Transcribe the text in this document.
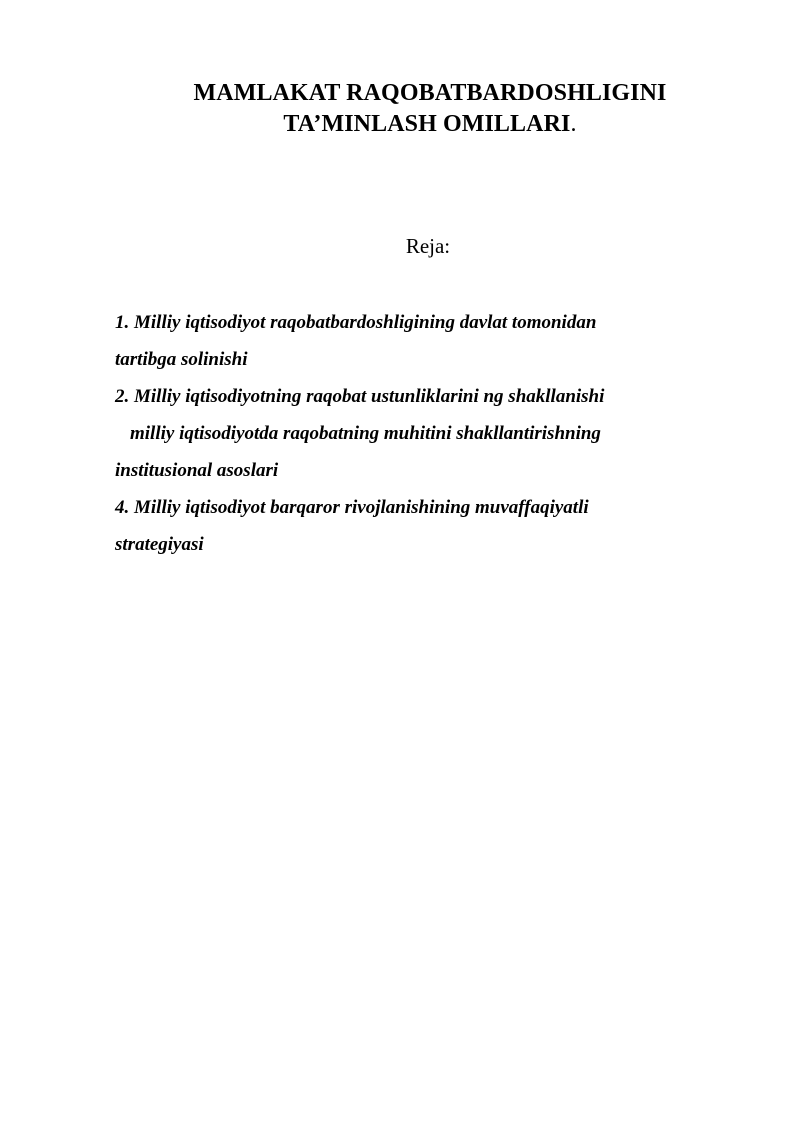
MAMLAKAT RAQOBATBARDOSHLIGINI
TA’MINLASH OMILLARI.
Reja:
1. Milliy iqtisodiyot raqobatbardoshligining davlat tomonidan
tartibga solinishi
2. Milliy iqtisodiyotning raqobat ustunliklarini ng shakllanishi
milliy iqtisodiyotda raqobatning muhitini shakllantirishning
institusional asoslari
4. Milliy iqtisodiyot barqaror rivojlanishining muvaffaqiyatli
strategiyasi
